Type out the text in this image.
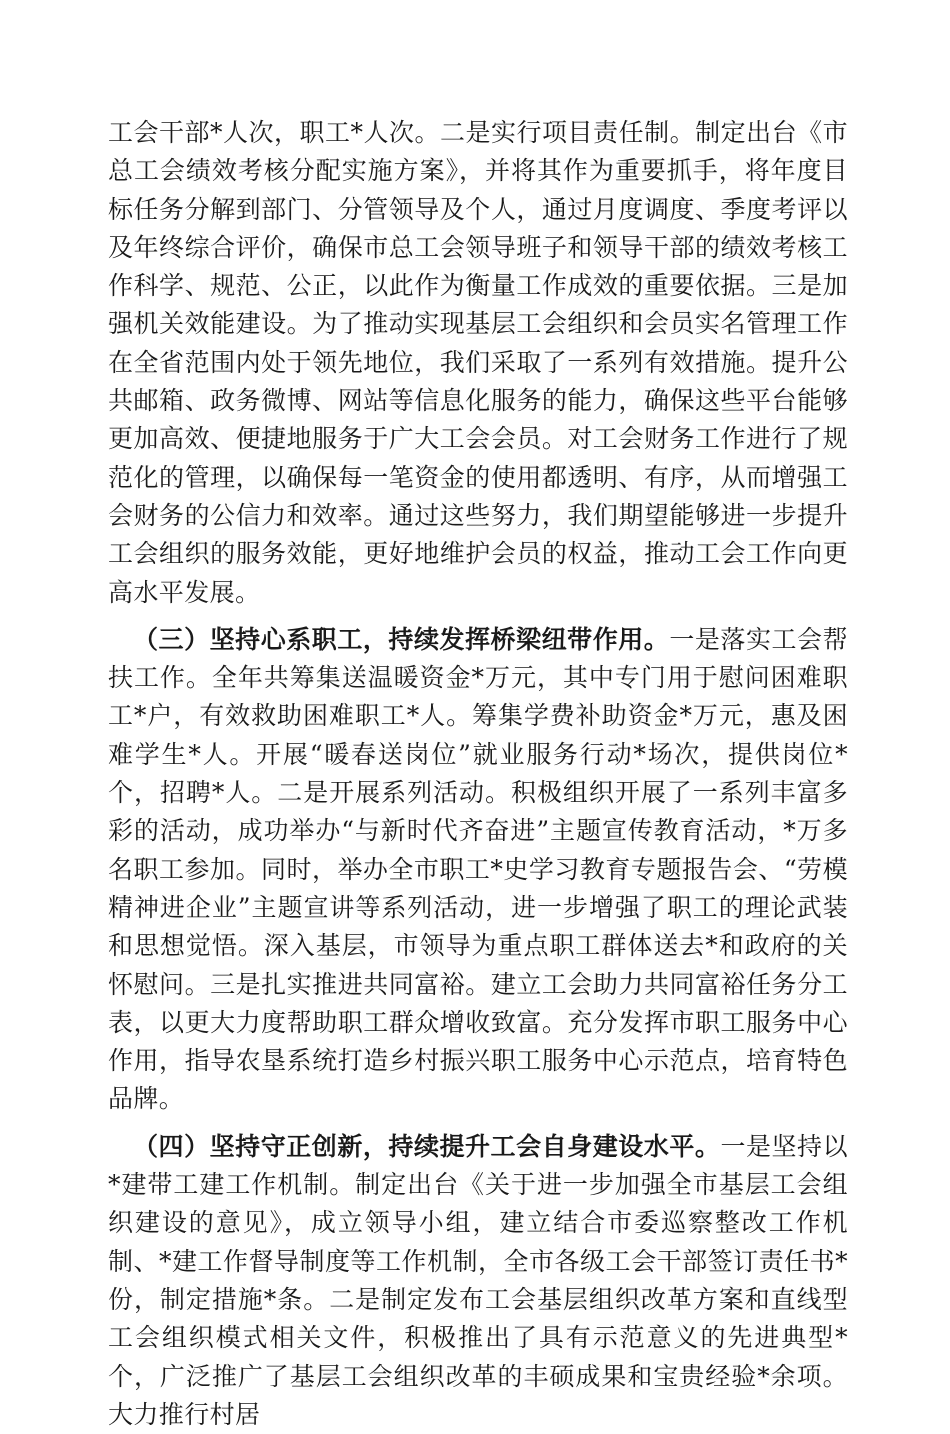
工会干部*人次，职工*人次。二是实行项目责任制。制定出台《市总工会绩效考核分配实施方案》，并将其作为重要抓手，将年度目标任务分解到部门、分管领导及个人，通过月度调度、季度考评以及年终综合评价，确保市总工会领导班子和领导干部的绩效考核工作科学、规范、公正，以此作为衡量工作成效的重要依据。三是加强机关效能建设。为了推动实现基层工会组织和会员实名管理工作在全省范围内处于领先地位，我们采取了一系列有效措施。提升公共邮箱、政务微博、网站等信息化服务的能力，确保这些平台能够更加高效、便捷地服务于广大工会会员。对工会财务工作进行了规范化的管理，以确保每一笔资金的使用都透明、有序，从而增强工会财务的公信力和效率。通过这些努力，我们期望能够进一步提升工会组织的服务效能，更好地维护会员的权益，推动工会工作向更高水平发展。

（三）坚持心系职工，持续发挥桥梁纽带作用。一是落实工会帮扶工作。全年共筹集送温暖资金*万元，其中专门用于慰问困难职工*户，有效救助困难职工*人。筹集学费补助资金*万元，惠及困难学生*人。开展“暖春送岗位”就业服务行动*场次，提供岗位*个，招聘*人。二是开展系列活动。积极组织开展了一系列丰富多彩的活动，成功举办“与新时代齐奋进”主题宣传教育活动，*万多名职工参加。同时，举办全市职工*史学习教育专题报告会、“劳模精神进企业”主题宣讲等系列活动，进一步增强了职工的理论武装和思想觉悟。深入基层，市领导为重点职工群体送去*和政府的关怀慰问。三是扎实推进共同富裕。建立工会助力共同富裕任务分工表，以更大力度帮助职工群众增收致富。充分发挥市职工服务中心作用，指导农垦系统打造乡村振兴职工服务中心示范点，培育特色品牌。

（四）坚持守正创新，持续提升工会自身建设水平。一是坚持以*建带工建工作机制。制定出台《关于进一步加强全市基层工会组织建设的意见》，成立领导小组，建立结合市委巡察整改工作机制、*建工作督导制度等工作机制，全市各级工会干部签订责任书*份，制定措施*条。二是制定发布工会基层组织改革方案和直线型工会组织模式相关文件，积极推出了具有示范意义的先进典型*个，广泛推广了基层工会组织改革的丰硕成果和宝贵经验*余项。大力推行村居
